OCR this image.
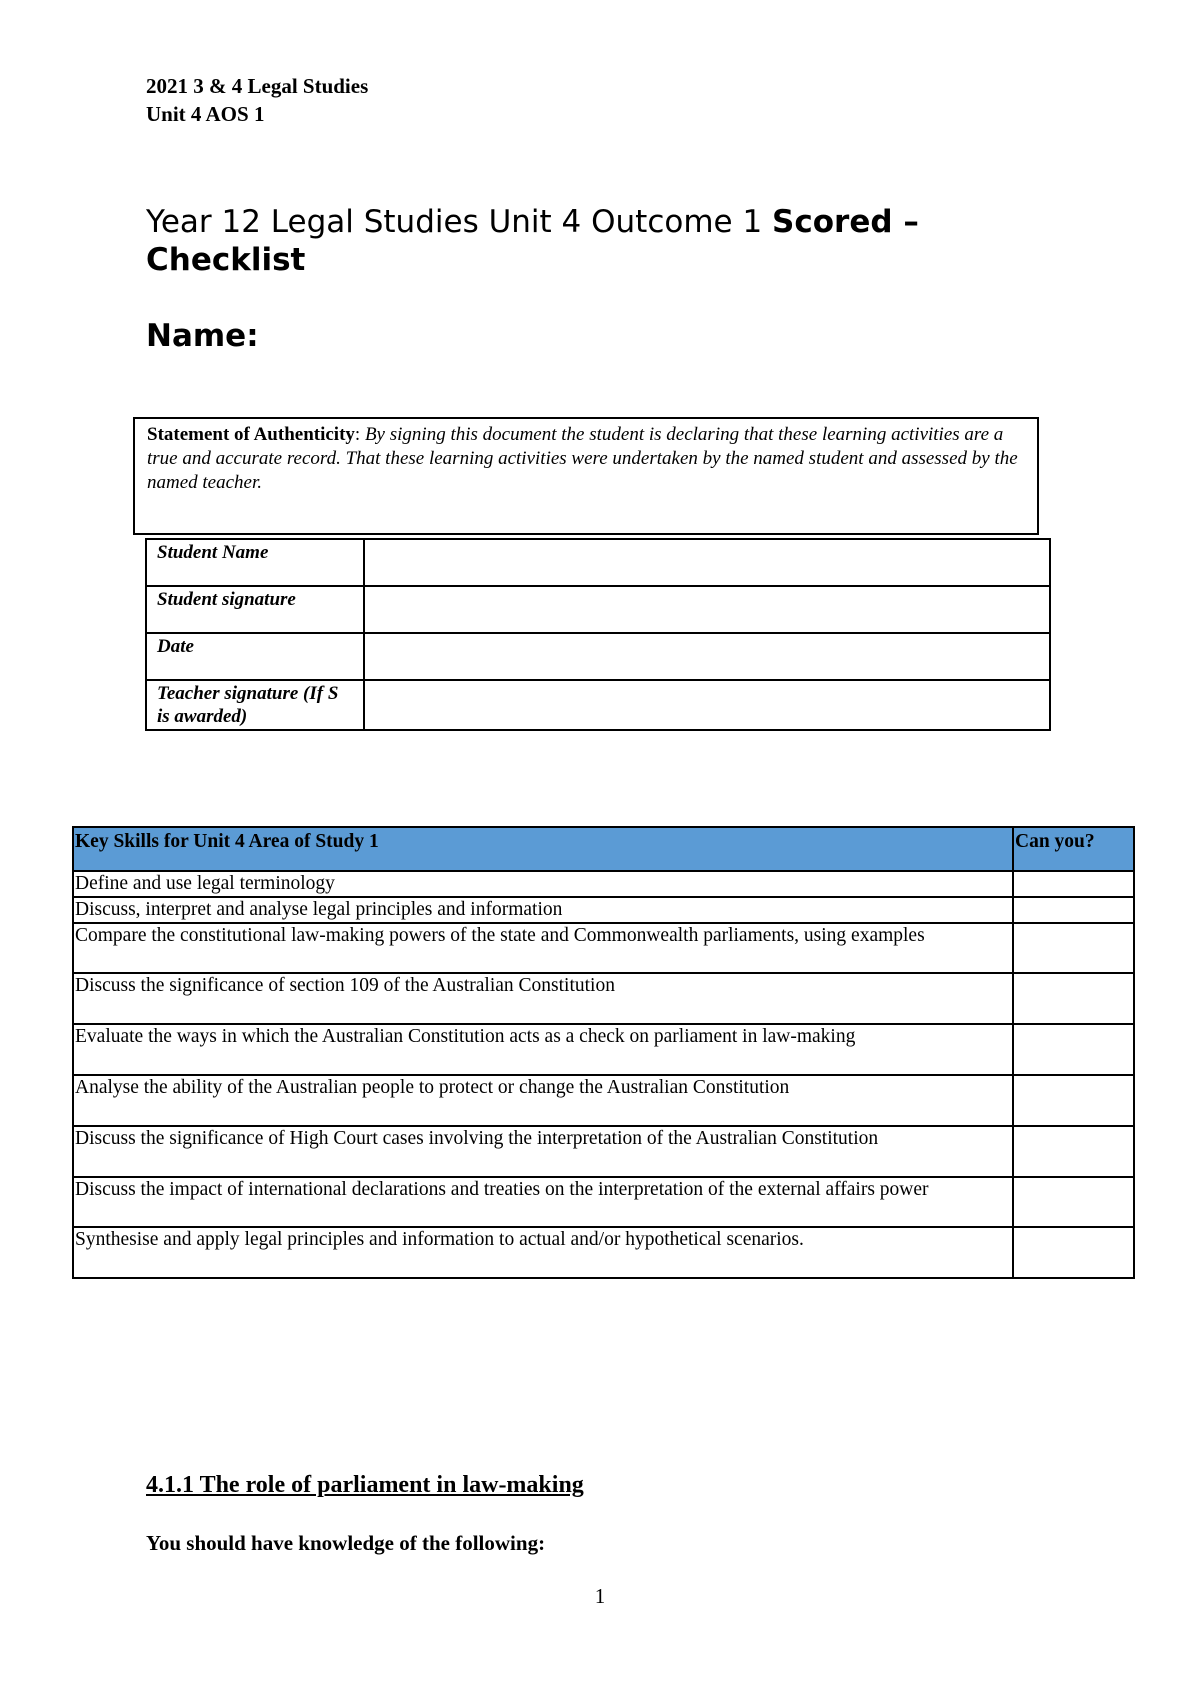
2021 3 & 4 Legal Studies
Unit 4 AOS 1
Year 12 Legal Studies Unit 4 Outcome 1 Scored – Checklist
Name:
Statement of Authenticity: By signing this document the student is declaring that these learning activities are a true and accurate record. That these learning activities were undertaken by the named student and assessed by the named teacher.
Student Name	
Student signature	
Date	
Teacher signature (If S is awarded)	
Key Skills for Unit 4 Area of Study 1	Can you?
Define and use legal terminology	
Discuss, interpret and analyse legal principles and information	
Compare the constitutional law-making powers of the state and Commonwealth parliaments, using examples	
Discuss the significance of section 109 of the Australian Constitution	
Evaluate the ways in which the Australian Constitution acts as a check on parliament in law-making	
Analyse the ability of the Australian people to protect or change the Australian Constitution	
Discuss the significance of High Court cases involving the interpretation of the Australian Constitution	
Discuss the impact of international declarations and treaties on the interpretation of the external affairs power	
Synthesise and apply legal principles and information to actual and/or hypothetical scenarios.	
4.1.1 The role of parliament in law-making
You should have knowledge of the following:
1
